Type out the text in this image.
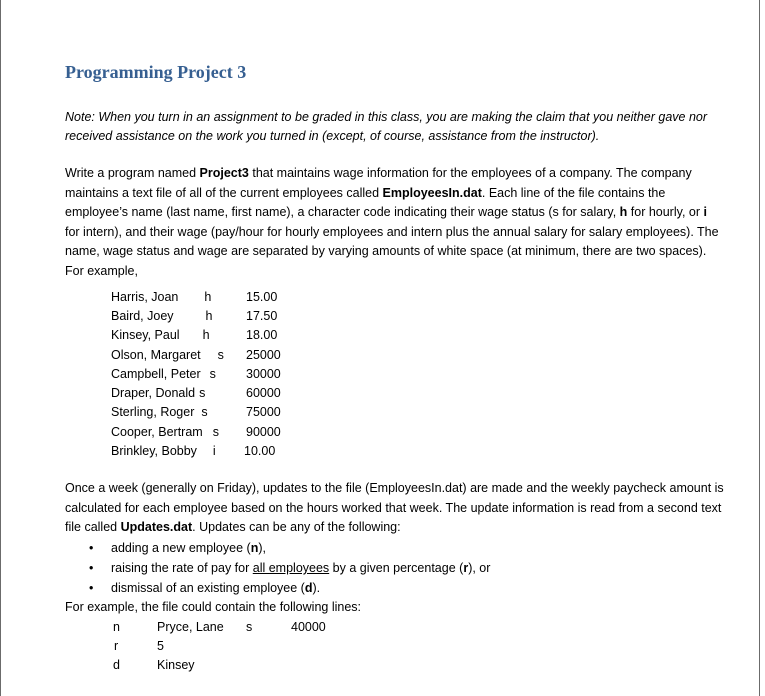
Programming Project 3

Note: When you turn in an assignment to be graded in this class, you are making the claim that you neither gave nor received assistance on the work you turned in (except, of course, assistance from the instructor).

Write a program named Project3 that maintains wage information for the employees of a company. The company maintains a text file of all of the current employees called EmployeesIn.dat. Each line of the file contains the employee’s name (last name, first name), a character code indicating their wage status (s for salary, h for hourly, or i for intern), and their wage (pay/hour for hourly employees and intern plus the annual salary for salary employees). The name, wage status and wage are separated by varying amounts of white space (at minimum, there are two spaces). For example,

Harris, Joan h	15.00
Baird, Joey	h	17.50
Kinsey, Paul h	18.00
Olson, Margaret s 25000
Campbell, Peter s 30000
Draper, Donald s	60000
Sterling, Roger s	75000
Cooper, Bertram s 90000
Brinkley, Bobby i 10.00

Once a week (generally on Friday), updates to the file (EmployeesIn.dat) are made and the weekly paycheck amount is calculated for each employee based on the hours worked that week. The update information is read from a second text file called Updates.dat. Updates can be any of the following:

• adding a new employee (n),
• raising the rate of pay for all employees by a given percentage (r), or
• dismissal of an existing employee (d).
For example, the file could contain the following lines:
n	Pryce, Lane s	40000
r	5
d	Kinsey
